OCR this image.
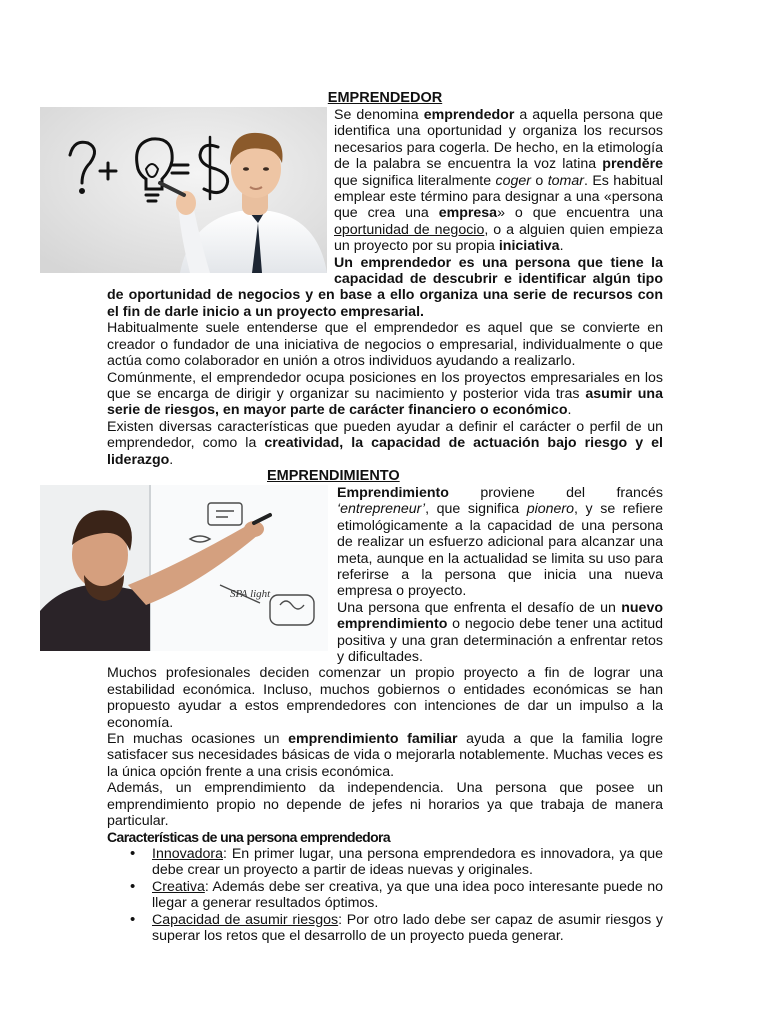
EMPRENDEDOR

Se denomina emprendedor a aquella persona que identifica una oportunidad y organiza los recursos necesarios para cogerla. De hecho, en la etimología de la palabra se encuentra la voz latina prendĕre que significa literalmente coger o tomar. Es habitual emplear este término para designar a una «persona que crea una empresa» o que encuentra una oportunidad de negocio, o a alguien quien empieza un proyecto por su propia iniciativa.

Un emprendedor es una persona que tiene la capacidad de descubrir e identificar algún tipo de oportunidad de negocios y en base a ello organiza una serie de recursos con el fin de darle inicio a un proyecto empresarial.

Habitualmente suele entenderse que el emprendedor es aquel que se convierte en creador o fundador de una iniciativa de negocios o empresarial, individualmente o que actúa como colaborador en unión a otros individuos ayudando a realizarlo.

Comúnmente, el emprendedor ocupa posiciones en los proyectos empresariales en los que se encarga de dirigir y organizar su nacimiento y posterior vida tras asumir una serie de riesgos, en mayor parte de carácter financiero o económico.

Existen diversas características que pueden ayudar a definir el carácter o perfil de un emprendedor, como la creatividad, la capacidad de actuación bajo riesgo y el liderazgo.

EMPRENDIMIENTO
SPA light

Emprendimiento proviene del francés ‘entrepreneur’, que significa pionero, y se refiere etimológicamente a la capacidad de una persona de realizar un esfuerzo adicional para alcanzar una meta, aunque en la actualidad se limita su uso para referirse a la persona que inicia una nueva empresa o proyecto.

Una persona que enfrenta el desafío de un nuevo emprendimiento o negocio debe tener una actitud positiva y una gran determinación a enfrentar retos y dificultades.

Muchos profesionales deciden comenzar un propio proyecto a fin de lograr una estabilidad económica. Incluso, muchos gobiernos o entidades económicas se han propuesto ayudar a estos emprendedores con intenciones de dar un impulso a la economía.

En muchas ocasiones un emprendimiento familiar ayuda a que la familia logre satisfacer sus necesidades básicas de vida o mejorarla notablemente. Muchas veces es la única opción frente a una crisis económica.

Además, un emprendimiento da independencia. Una persona que posee un emprendimiento propio no depende de jefes ni horarios ya que trabaja de manera particular.

Características de una persona emprendedora

• Innovadora: En primer lugar, una persona emprendedora es innovadora, ya que debe crear un proyecto a partir de ideas nuevas y originales.
• Creativa: Además debe ser creativa, ya que una idea poco interesante puede no llegar a generar resultados óptimos.
• Capacidad de asumir riesgos: Por otro lado debe ser capaz de asumir riesgos y superar los retos que el desarrollo de un proyecto pueda generar.
